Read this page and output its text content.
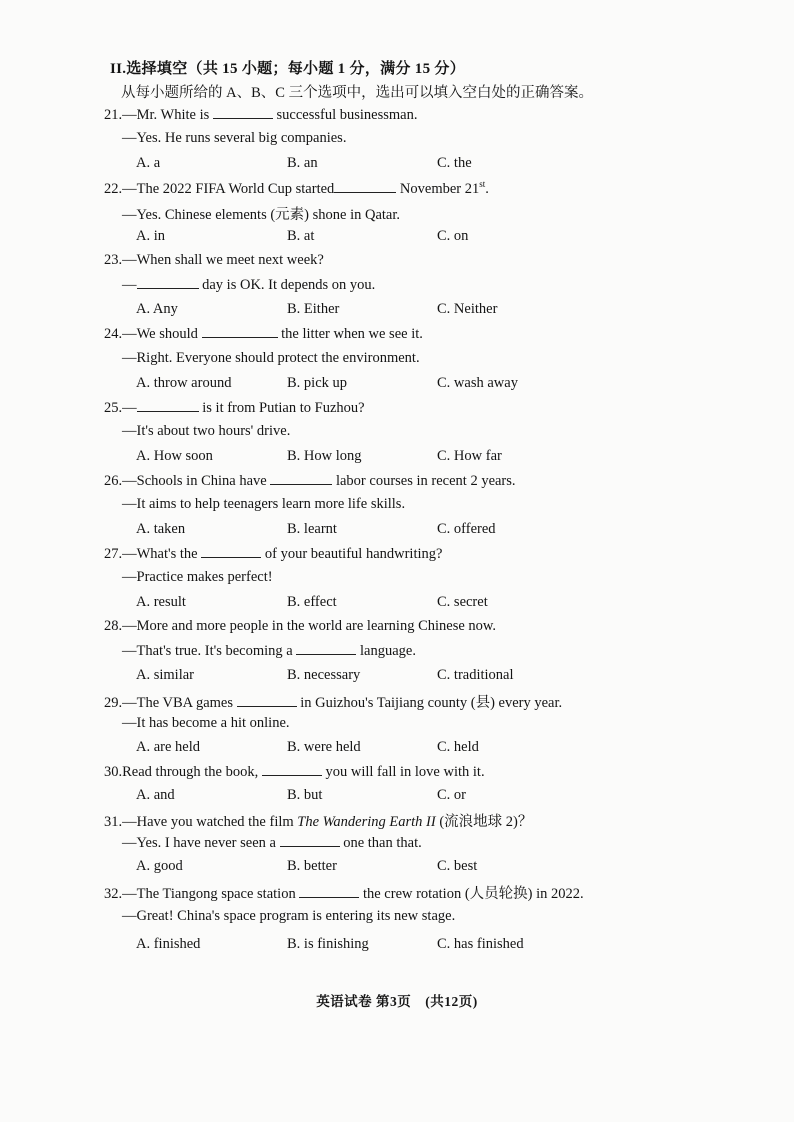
II.选择填空（共 15 小题；每小题 1 分，满分 15 分）
从每小题所给的 A、B、C 三个选项中，选出可以填入空白处的正确答案。
21.—Mr. White is	successful businessman.
—Yes. He runs several big companies.
A. a	B. an	C. the
22.—The 2022 FIFA World Cup started	November 21st.
—Yes. Chinese elements (元素) shone in Qatar.
A. in	B. at	C. on
23.—When shall we meet next week?
—	day is OK. It depends on you.
A. Any	B. Either	C. Neither
24.—We should	the litter when we see it.
—Right. Everyone should protect the environment.
A. throw around	B. pick up	C. wash away
25.—	is it from Putian to Fuzhou?
—It's about two hours' drive.
A. How soon	B. How long	C. How far
26.—Schools in China have	labor courses in recent 2 years.
—It aims to help teenagers learn more life skills.
A. taken	B. learnt	C. offered
27.—What's the	of your beautiful handwriting?
—Practice makes perfect!
A. result	B. effect	C. secret
28.—More and more people in the world are learning Chinese now.
—That's true. It's becoming a	language.
A. similar	B. necessary	C. traditional
29.—The VBA games	in Guizhou's Taijiang county (县) every year.
—It has become a hit online.
A. are held	B. were held	C. held
30.Read through the book,	you will fall in love with it.
A. and	B. but	C. or
31.—Have you watched the film The Wandering Earth II (流浪地球 2)？
—Yes. I have never seen a	one than that.
A. good	B. better	C. best
32.—The Tiangong space station	the crew rotation (人员轮换) in 2022.
—Great! China's space program is entering its new stage.
A. finished	B. is finishing	C. has finished
英语试卷 第3页　(共12页)
